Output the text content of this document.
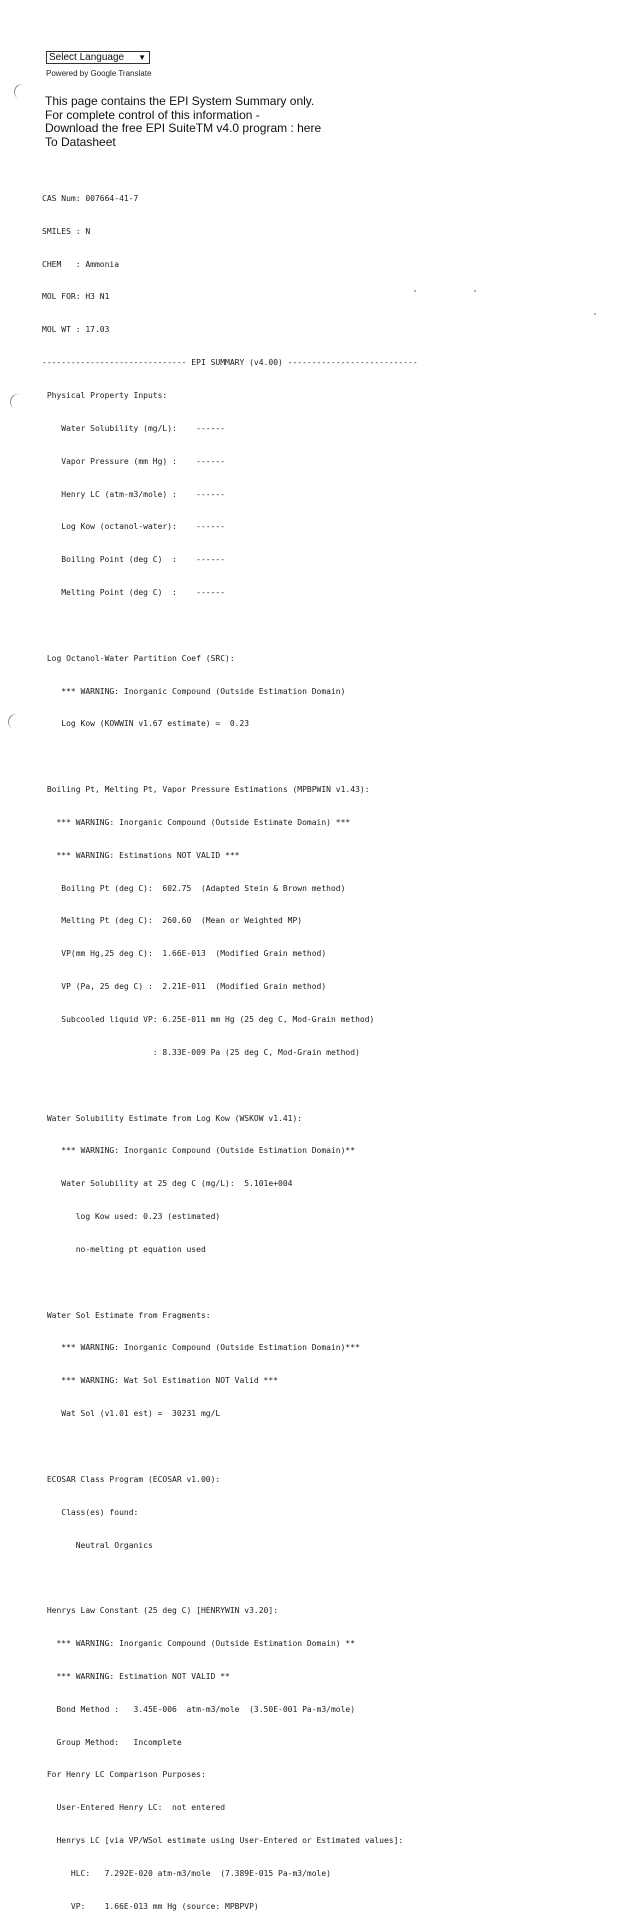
Select Language ▼
Powered by Google Translate
This page contains the EPI System Summary only.
For complete control of this information -
Download the free EPI SuiteTM v4.0 program : here
To Datasheet

CAS Num: 007664-41-7

SMILES : N

CHEM   : Ammonia

MOL FOR: H3 N1

MOL WT : 17.03

------------------------------ EPI SUMMARY (v4.00) ---------------------------

Physical Property Inputs:

Water Solubility (mg/L):    ------

Vapor Pressure (mm Hg) :    ------

Henry LC (atm-m3/mole) :    ------

Log Kow (octanol-water):    ------

Boiling Point (deg C)  :    ------

Melting Point (deg C)  :    ------

Log Octanol-Water Partition Coef (SRC):

*** WARNING: Inorganic Compound (Outside Estimation Domain)

Log Kow (KOWWIN v1.67 estimate) =  0.23

Boiling Pt, Melting Pt, Vapor Pressure Estimations (MPBPWIN v1.43):

*** WARNING: Inorganic Compound (Outside Estimate Domain) ***

*** WARNING: Estimations NOT VALID ***

Boiling Pt (deg C):  602.75  (Adapted Stein & Brown method)

Melting Pt (deg C):  260.60  (Mean or Weighted MP)

VP(mm Hg,25 deg C):  1.66E-013  (Modified Grain method)

VP (Pa, 25 deg C) :  2.21E-011  (Modified Grain method)

Subcooled liquid VP: 6.25E-011 mm Hg (25 deg C, Mod-Grain method)

: 8.33E-009 Pa (25 deg C, Mod-Grain method)

Water Solubility Estimate from Log Kow (WSKOW v1.41):

*** WARNING: Inorganic Compound (Outside Estimation Domain)**

Water Solubility at 25 deg C (mg/L):  5.101e+004

log Kow used: 0.23 (estimated)

no-melting pt equation used

Water Sol Estimate from Fragments:

*** WARNING: Inorganic Compound (Outside Estimation Domain)***

*** WARNING: Wat Sol Estimation NOT Valid ***

Wat Sol (v1.01 est) =  30231 mg/L

ECOSAR Class Program (ECOSAR v1.00):

Class(es) found:

Neutral Organics

Henrys Law Constant (25 deg C) [HENRYWIN v3.20]:

*** WARNING: Inorganic Compound (Outside Estimation Domain) **

*** WARNING: Estimation NOT VALID **

Bond Method :   3.45E-006  atm-m3/mole  (3.50E-001 Pa-m3/mole)

Group Method:   Incomplete

For Henry LC Comparison Purposes:

User-Entered Henry LC:  not entered

Henrys LC [via VP/WSol estimate using User-Entered or Estimated values]:

HLC:   7.292E-020 atm-m3/mole  (7.389E-015 Pa-m3/mole)

VP:    1.66E-013 mm Hg (source: MPBPVP)
